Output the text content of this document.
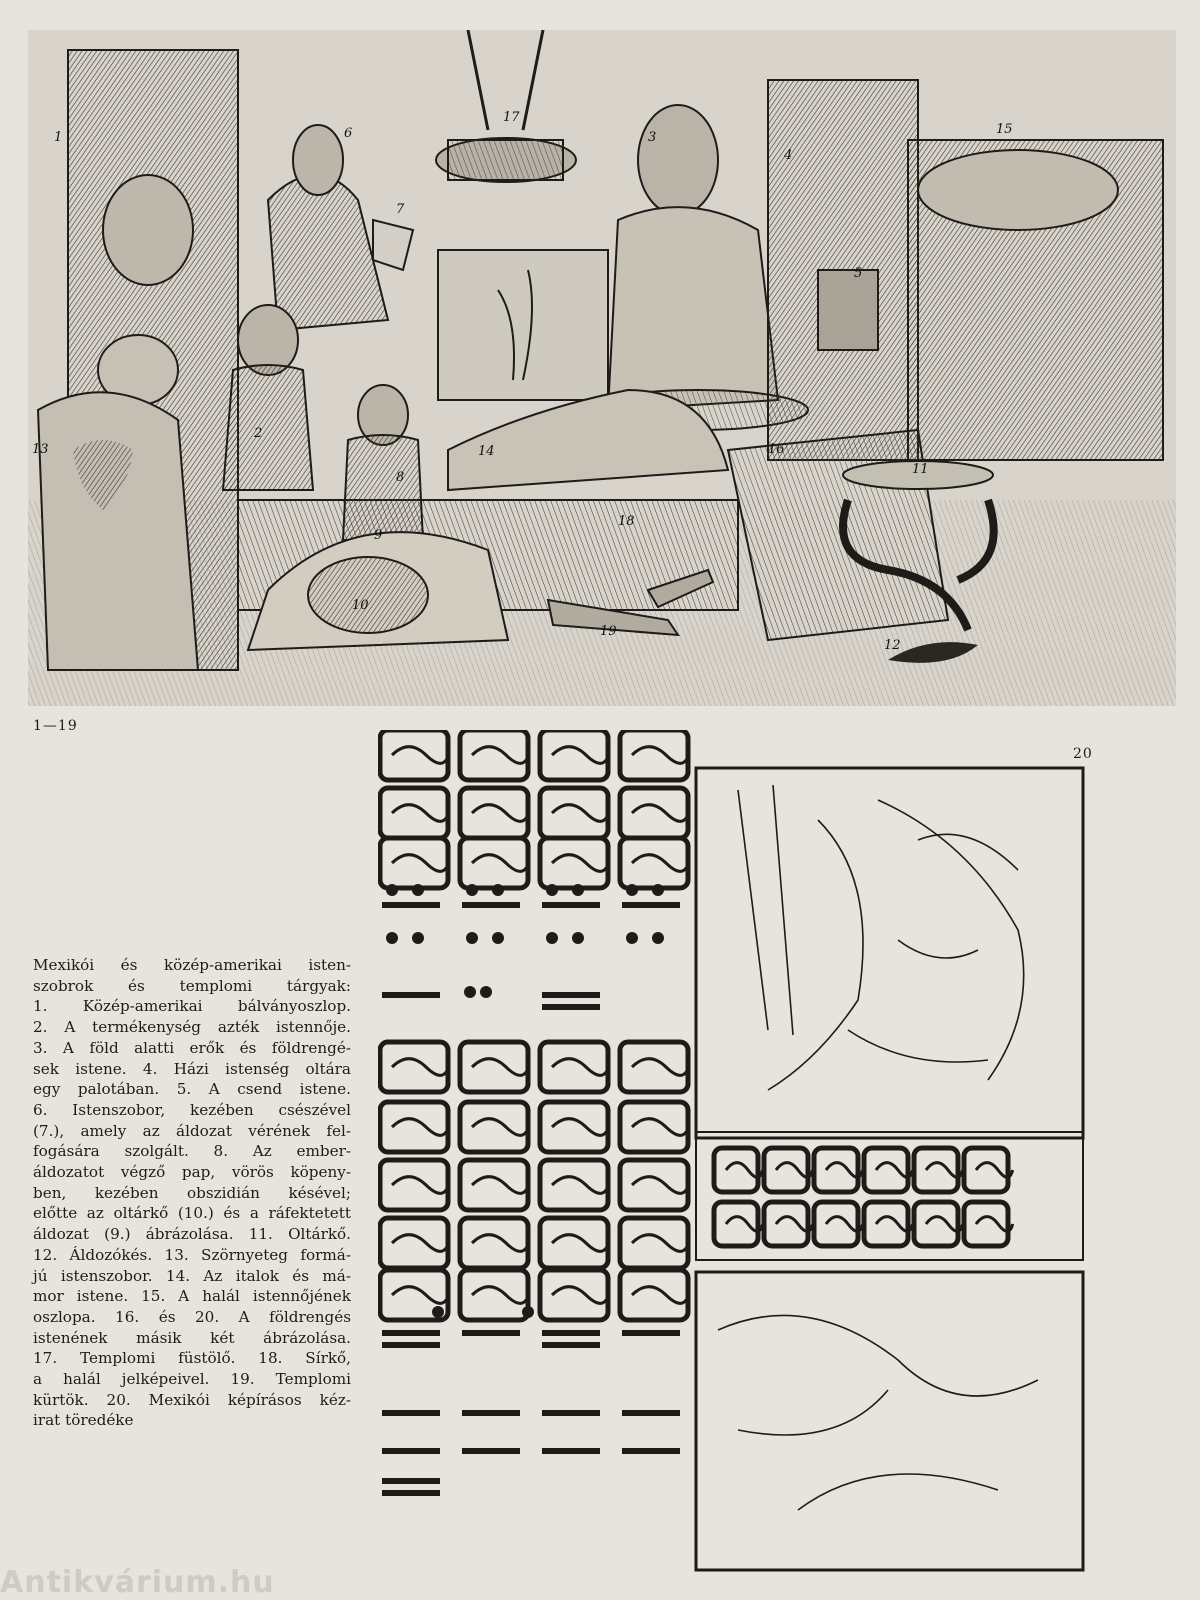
1
2
3
4
5
6
7
8
9
10
11
12
13	14
15
16
17
18
19
1—19
20
Mexikói és közép-amerikai isten-
szobrok és templomi tárgyak:
1. Közép-amerikai bálványoszlop.
2. A termékenység azték istennője.
3. A föld alatti erők és földrengé-
sek istene. 4. Házi istenség oltára
egy palotában. 5. A csend istene.
6. Istenszobor, kezében csészével
(7.), amely az áldozat vérének fel-
fogására szolgált. 8. Az ember-
áldozatot végző pap, vörös köpeny-
ben, kezében obszidián késével;
előtte az oltárkő (10.) és a ráfektetett
áldozat (9.) ábrázolása. 11. Oltárkő.
12. Áldozókés. 13. Szörnyeteg formá-
jú istenszobor. 14. Az italok és má-
mor istene. 15. A halál istennőjének
oszlopa. 16. és 20. A földrengés
istenének másik két ábrázolása.
17. Templomi füstölő. 18. Sírkő,
a halál jelképeivel. 19. Templomi
kürtök. 20. Mexikói képírásos kéz-
irat töredéke
Antikvárium.hu
